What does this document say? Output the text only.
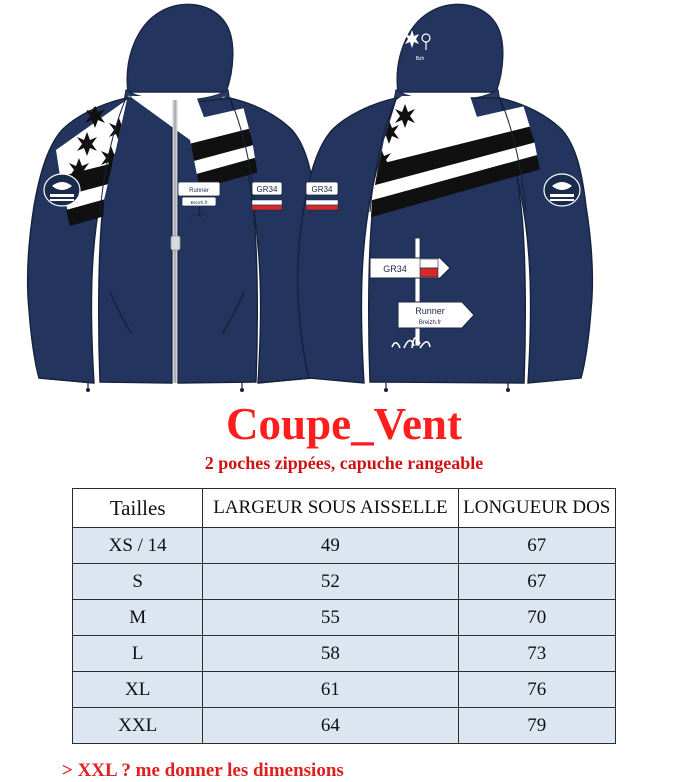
Runner
Breizh.fr
GR34
Bzh
GR34
GR34
Runner
Breizh.fr
Coupe_Vent
2 poches zippées, capuche rangeable
Tailles	LARGEUR SOUS AISSELLE	LONGUEUR DOS
XS / 14	49	67
S	52	67
M	55	70
L	58	73
XL	61	76
XXL	64	79
> XXL ? me donner les dimensions
